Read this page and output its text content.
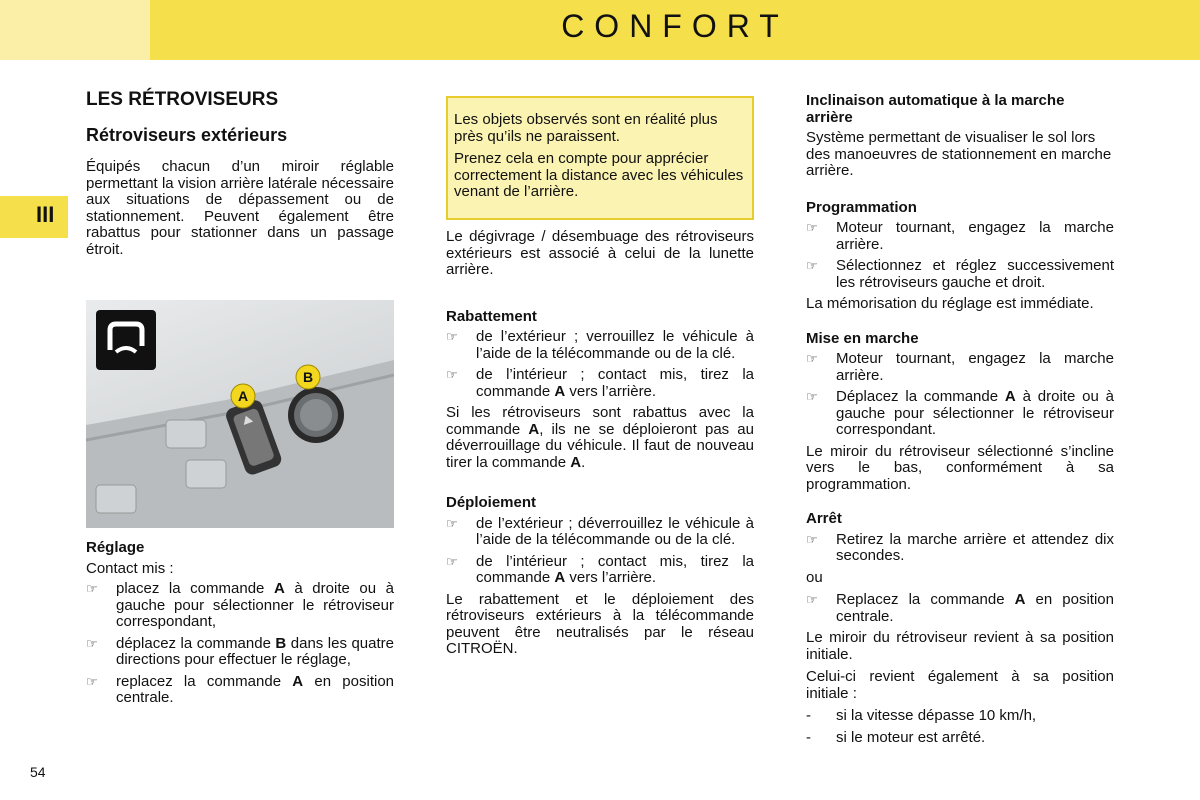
CONFORT
III
LES RÉTROVISEURS
Rétroviseurs extérieurs

Équipés chacun d’un miroir réglable permettant la vision arrière latérale nécessaire aux situations de dépassement ou de stationnement. Peuvent également être rabattus pour stationner dans un passage étroit.

A
B
Réglage

Contact mis :

☞ placez la commande A à droite ou à gauche pour sélectionner le rétroviseur correspondant,
☞ déplacez la commande B dans les quatre directions pour effectuer le réglage,
☞ replacez la commande A en position centrale.

Les objets observés sont en réalité plus près qu’ils ne paraissent.

Prenez cela en compte pour apprécier correctement la distance avec les véhicules venant de l’arrière.

Le dégivrage / désembuage des rétroviseurs extérieurs est associé à celui de la lunette arrière.

Rabattement
☞ de l’extérieur ; verrouillez le véhicule à l’aide de la télécommande ou de la clé.
☞ de l’intérieur ; contact mis, tirez la commande A vers l’arrière.

Si les rétroviseurs sont rabattus avec la commande A, ils ne se déploieront pas au déverrouillage du véhicule. Il faut de nouveau tirer la commande A.

Déploiement
☞ de l’extérieur ; déverrouillez le véhicule à l’aide de la télécommande ou de la clé.
☞ de l’intérieur ; contact mis, tirez la commande A vers l’arrière.

Le rabattement et le déploiement des rétroviseurs extérieurs à la télécommande peuvent être neutralisés par le réseau CITROËN.

Inclinaison automatique à la marche arrière

Système permettant de visualiser le sol lors des manoeuvres de stationnement en marche arrière.

Programmation
☞ Moteur tournant, engagez la marche arrière.
☞ Sélectionnez et réglez successivement les rétroviseurs gauche et droit.

La mémorisation du réglage est immédiate.

Mise en marche
☞ Moteur tournant, engagez la marche arrière.
☞ Déplacez la commande A à droite ou à gauche pour sélectionner le rétroviseur correspondant.

Le miroir du rétroviseur sélectionné s’incline vers le bas, conformément à sa programmation.

Arrêt
☞ Retirez la marche arrière et attendez dix secondes.

ou

☞ Replacez la commande A en position centrale.

Le miroir du rétroviseur revient à sa position initiale.

Celui-ci revient également à sa position initiale :

- si la vitesse dépasse 10 km/h,
- si le moteur est arrêté.
54
